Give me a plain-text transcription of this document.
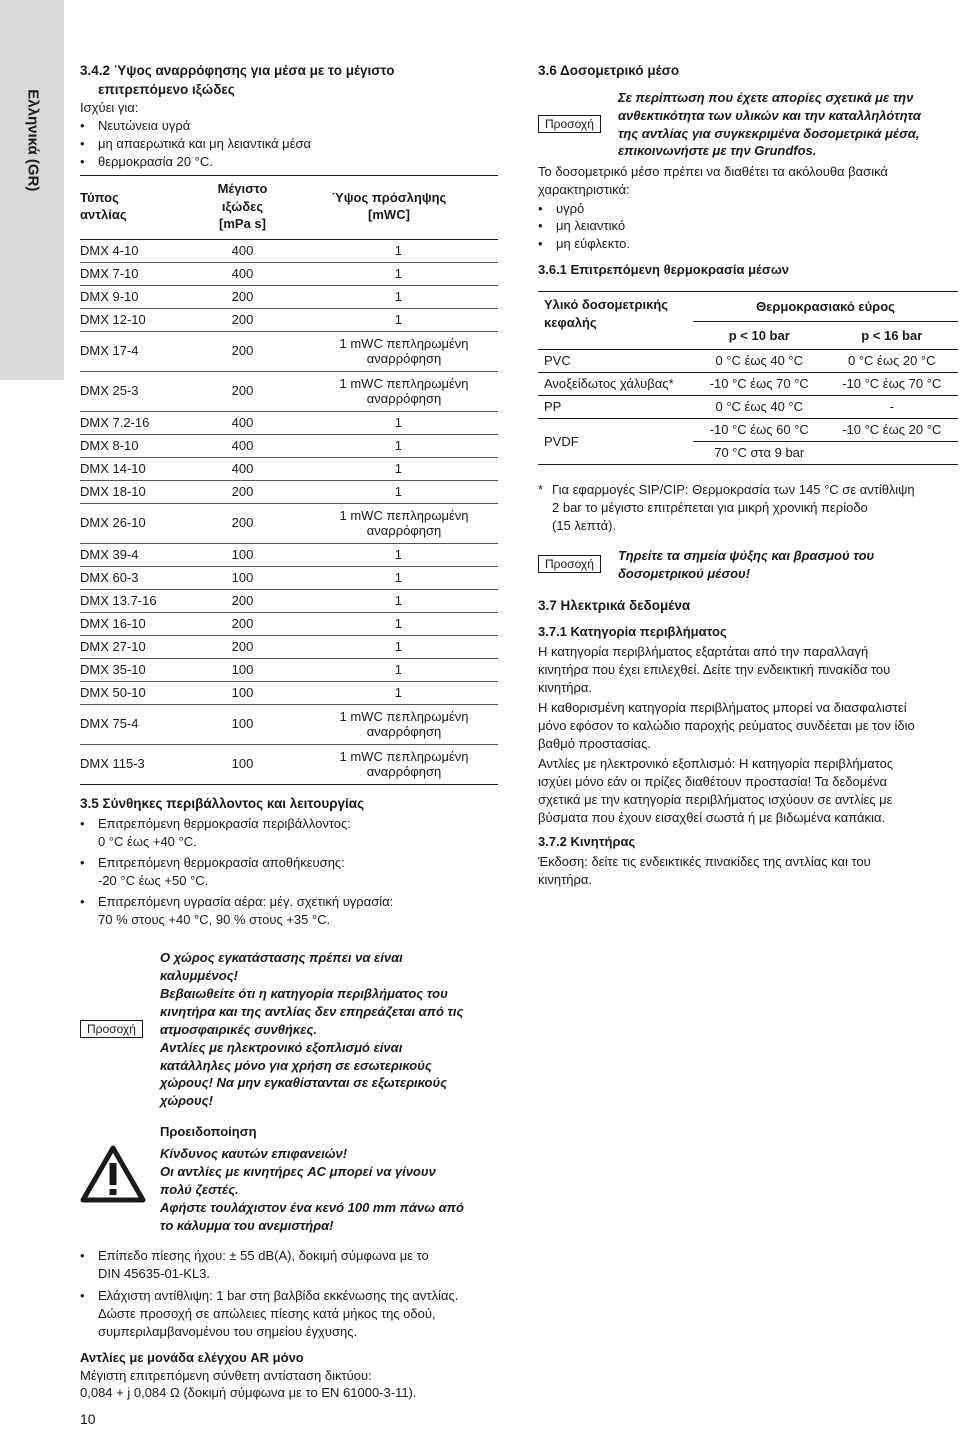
Ελληνικά (GR)
3.4.2 Ύψος αναρρόφησης για μέσα με το μέγιστο
επιτρεπόμενο ιξώδες

Ισχύει για:

• Νευτώνεια υγρά
• μη απαερωτικά και μη λειαντικά μέσα
• θερμοκρασία 20 °C.
Τύπος
αντλίας	Μέγιστο
ιξώδες
[mPa s]	Ύψος πρόσληψης
[mWC]
DMX 4-10	400	1
DMX 7-10	400	1
DMX 9-10	200	1
DMX 12-10	200	1
DMX 17-4	200	1 mWC πεπληρωμένη αναρρόφηση
DMX 25-3	200	1 mWC πεπληρωμένη αναρρόφηση
DMX 7.2-16	400	1
DMX 8-10	400	1
DMX 14-10	400	1
DMX 18-10	200	1
DMX 26-10	200	1 mWC πεπληρωμένη αναρρόφηση
DMX 39-4	100	1
DMX 60-3	100	1
DMX 13.7-16	200	1
DMX 16-10	200	1
DMX 27-10	200	1
DMX 35-10	100	1
DMX 50-10	100	1
DMX 75-4	100	1 mWC πεπληρωμένη αναρρόφηση
DMX 115-3	100	1 mWC πεπληρωμένη αναρρόφηση
3.5 Σύνθηκες περιβάλλοντος και λειτουργίας
• Επιτρεπόμενη θερμοκρασία περιβάλλοντος:
0 °C έως +40 °C.
• Επιτρεπόμενη θερμοκρασία αποθήκευσης:
-20 °C έως +50 °C.
• Επιτρεπόμενη υγρασία αέρα: μέγ. σχετική υγρασία:
70 % στους +40 °C, 90 % στους +35 °C.
Προσοχή
Ο χώρος εγκατάστασης πρέπει να είναι
καλυμμένος!
Βεβαιωθείτε ότι η κατηγορία περιβλήματος του
κινητήρα και της αντλίας δεν επηρεάζεται από τις
ατμοσφαιρικές συνθήκες.
Αντλίες με ηλεκτρονικό εξοπλισμό είναι
κατάλληλες μόνο για χρήση σε εσωτερικούς
χώρους! Να μην εγκαθίστανται σε εξωτερικούς
χώρους!
Προειδοποίηση
Κίνδυνος καυτών επιφανειών!
Οι αντλίες με κινητήρες AC μπορεί να γίνουν
πολύ ζεστές.
Αφήστε τουλάχιστον ένα κενό 100 mm πάνω από
το κάλυμμα του ανεμιστήρα!
• Επίπεδο πίεσης ήχου: ± 55 dB(A), δοκιμή σύμφωνα με το
DIN 45635-01-KL3.
• Ελάχιστη αντίθλιψη: 1 bar στη βαλβίδα εκκένωσης της αντλίας.
Δώστε προσοχή σε απώλειες πίεσης κατά μήκος της οδού,
συμπεριλαμβανομένου του σημείου έγχυσης.
Αντλίες με μονάδα ελέγχου AR μόνο

Μέγιστη επιτρεπόμενη σύνθετη αντίσταση δικτύου:

0,084 + j 0,084 Ω (δοκιμή σύμφωνα με το EN 61000-3-11).

3.6 Δοσομετρικό μέσο
Προσοχή
Σε περίπτωση που έχετε απορίες σχετικά με την
ανθεκτικότητα των υλικών και την καταλληλότητα
της αντλίας για συγκεκριμένα δοσομετρικά μέσα,
επικοινωνήστε με την Grundfos.

Το δοσομετρικό μέσο πρέπει να διαθέτει τα ακόλουθα βασικά

χαρακτηριστικά:

• υγρό
• μη λειαντικό
• μη εύφλεκτο.
3.6.1 Επιτρεπόμενη θερμοκρασία μέσων
Υλικό δοσομετρικής
κεφαλής	Θερμοκρασιακό εύρος	
	p < 10 bar	p < 16 bar
PVC	0 °C έως 40 °C	0 °C έως 20 °C
Ανοξείδωτος χάλυβας*	-10 °C έως 70 °C	-10 °C έως 70 °C
PP	0 °C έως 40 °C	-
PVDF	-10 °C έως 60 °C	-10 °C έως 20 °C
	70 °C στα 9 bar	
* Για εφαρμογές SIP/CIP: Θερμοκρασία των 145 °C σε αντίθλιψη
2 bar το μέγιστο επιτρέπεται για μικρή χρονική περίοδο
(15 λεπτά).
Προσοχή
Τηρείτε τα σημεία ψύξης και βρασμού του
δοσομετρικού μέσου!
3.7 Ηλεκτρικά δεδομένα
3.7.1 Κατηγορία περιβλήματος
Η κατηγορία περιβλήματος εξαρτάται από την παραλλαγή
κινητήρα που έχει επιλεχθεί. Δείτε την ενδεικτική πινακίδα του
κινητήρα.
Η καθορισμένη κατηγορία περιβλήματος μπορεί να διασφαλιστεί
μόνο εφόσον το καλώδιο παροχής ρεύματος συνδέεται με τον ίδιο
βαθμό προστασίας.
Αντλίες με ηλεκτρονικό εξοπλισμό: Η κατηγορία περιβλήματος
ισχύει μόνο εάν οι πρίζες διαθέτουν προστασία! Τα δεδομένα
σχετικά με την κατηγορία περιβλήματος ισχύουν σε αντλίες με
βύσματα που έχουν εισαχθεί σωστά ή με βιδωμένα καπάκια.
3.7.2 Κινητήρας
Έκδοση: δείτε τις ενδεικτικές πινακίδες της αντλίας και του
κινητήρα.
10
